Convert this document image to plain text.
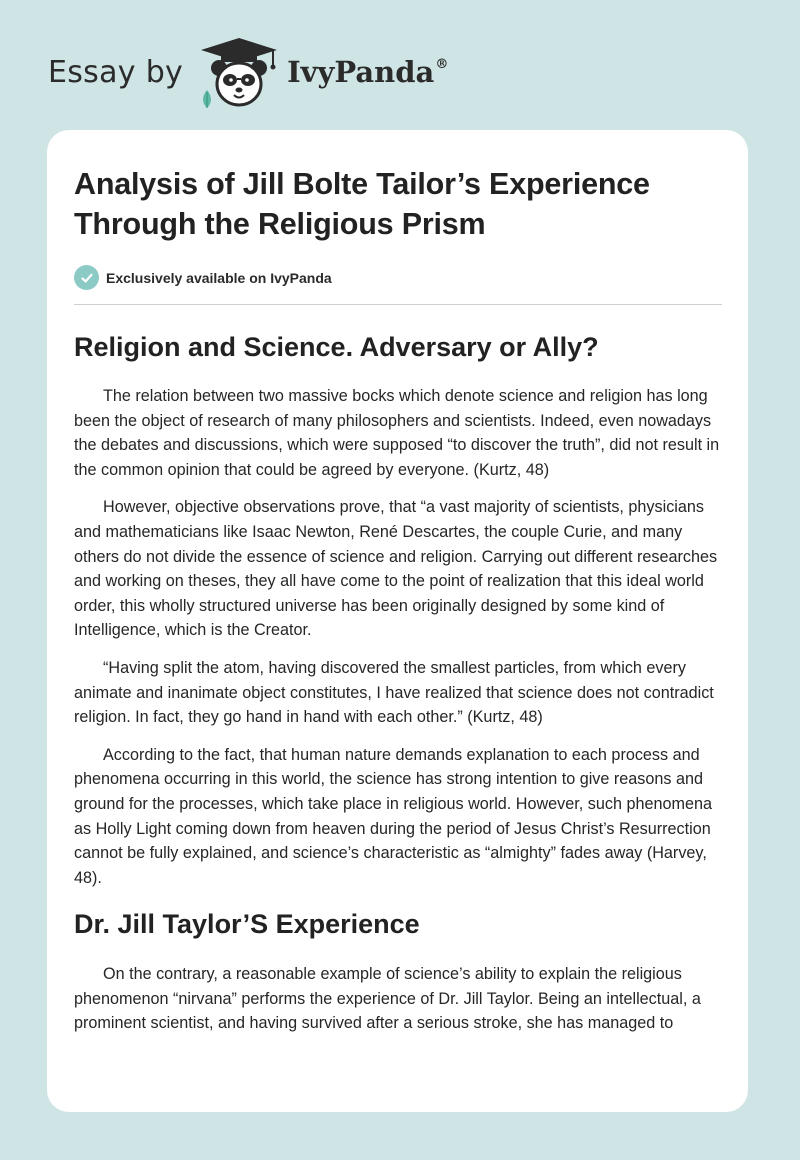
Essay by	IvyPanda®
Analysis of Jill Bolte Tailor’s Experience Through the Religious Prism
Exclusively available on IvyPanda
Religion and Science. Adversary or Ally?

The relation between two massive bocks which denote science and religion has long been the object of research of many philosophers and scientists. Indeed, even nowadays the debates and discussions, which were supposed “to discover the truth”, did not result in the common opinion that could be agreed by everyone. (Kurtz, 48)

However, objective observations prove, that “a vast majority of scientists, physicians and mathematicians like Isaac Newton, René Descartes, the couple Curie, and many others do not divide the essence of science and religion. Carrying out different researches and working on theses, they all have come to the point of realization that this ideal world order, this wholly structured universe has been originally designed by some kind of Intelligence, which is the Creator.

“Having split the atom, having discovered the smallest particles, from which every animate and inanimate object constitutes, I have realized that science does not contradict religion. In fact, they go hand in hand with each other.” (Kurtz, 48)

According to the fact, that human nature demands explanation to each process and phenomena occurring in this world, the science has strong intention to give reasons and ground for the processes, which take place in religious world. However, such phenomena as Holly Light coming down from heaven during the period of Jesus Christ’s Resurrection cannot be fully explained, and science’s characteristic as “almighty” fades away (Harvey, 48).

Dr. Jill Taylor’S Experience

On the contrary, a reasonable example of science’s ability to explain the religious phenomenon “nirvana” performs the experience of Dr. Jill Taylor. Being an intellectual, a prominent scientist, and having survived after a serious stroke, she has managed to
